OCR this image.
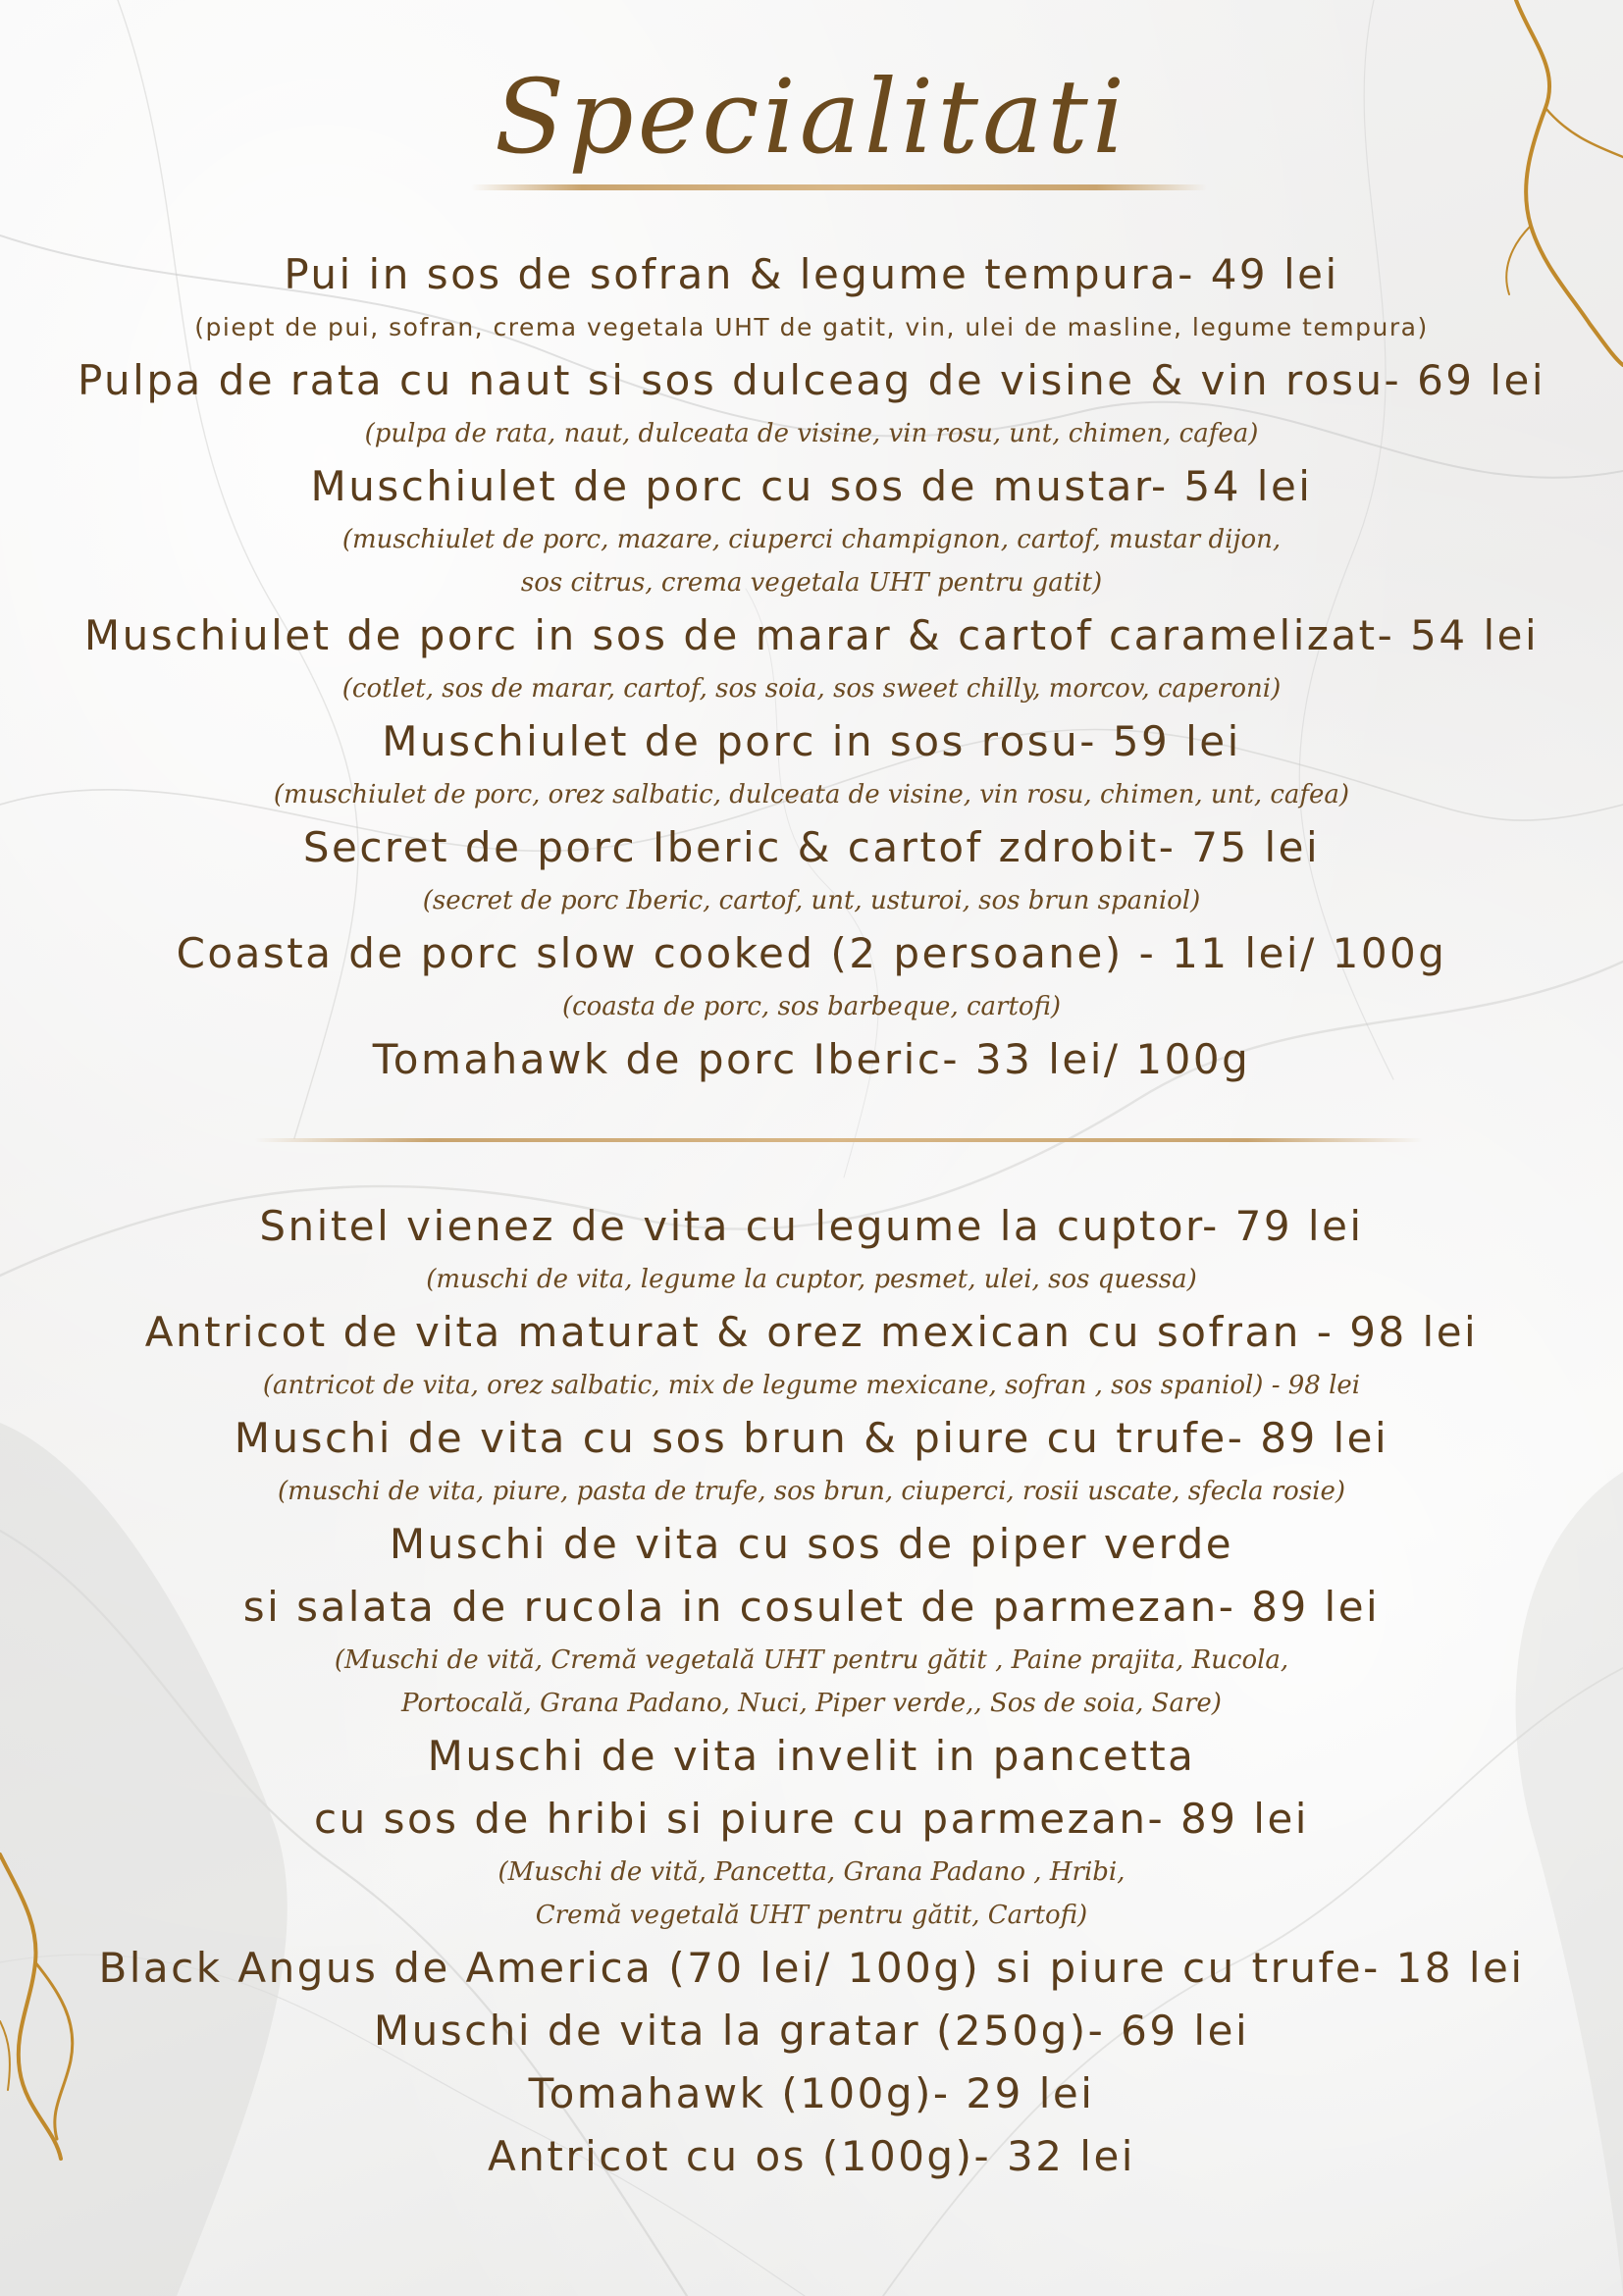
Specialitati
Pui in sos de sofran & legume tempura- 49 lei
(piept de pui, sofran, crema vegetala UHT de gatit, vin, ulei de masline, legume tempura)
Pulpa de rata cu naut si sos dulceag de visine & vin rosu- 69 lei
(pulpa de rata, naut, dulceata de visine, vin rosu, unt, chimen, cafea)
Muschiulet de porc cu sos de mustar- 54 lei
(muschiulet de porc, mazare, ciuperci champignon, cartof, mustar dijon,
sos citrus, crema vegetala UHT pentru gatit)
Muschiulet de porc in sos de marar & cartof caramelizat- 54 lei
(cotlet, sos de marar, cartof, sos soia, sos sweet chilly, morcov, caperoni)
Muschiulet de porc in sos rosu- 59 lei
(muschiulet de porc, orez salbatic, dulceata de visine, vin rosu, chimen, unt, cafea)
Secret de porc Iberic & cartof zdrobit- 75 lei
(secret de porc Iberic, cartof, unt, usturoi, sos brun spaniol)
Coasta de porc slow cooked (2 persoane) - 11 lei/ 100g
(coasta de porc, sos barbeque, cartofi)
Tomahawk de porc Iberic- 33 lei/ 100g
Snitel vienez de vita cu legume la cuptor- 79 lei
(muschi de vita, legume la cuptor, pesmet, ulei, sos quessa)
Antricot de vita maturat & orez mexican cu sofran - 98 lei
(antricot de vita, orez salbatic, mix de legume mexicane, sofran , sos spaniol) - 98 lei
Muschi de vita cu sos brun & piure cu trufe- 89 lei
(muschi de vita, piure, pasta de trufe, sos brun, ciuperci, rosii uscate, sfecla rosie)
Muschi de vita cu sos de piper verde
si salata de rucola in cosulet de parmezan- 89 lei
(Muschi de vită, Cremă vegetală UHT pentru gătit , Paine prajita, Rucola,
Portocală, Grana Padano, Nuci, Piper verde,, Sos de soia, Sare)
Muschi de vita invelit in pancetta
cu sos de hribi si piure cu parmezan- 89 lei
(Muschi de vită, Pancetta, Grana Padano , Hribi,
Cremă vegetală UHT pentru gătit, Cartofi)
Black Angus de America (70 lei/ 100g) si piure cu trufe- 18 lei
Muschi de vita la gratar (250g)- 69 lei
Tomahawk (100g)- 29 lei
Antricot cu os (100g)- 32 lei
